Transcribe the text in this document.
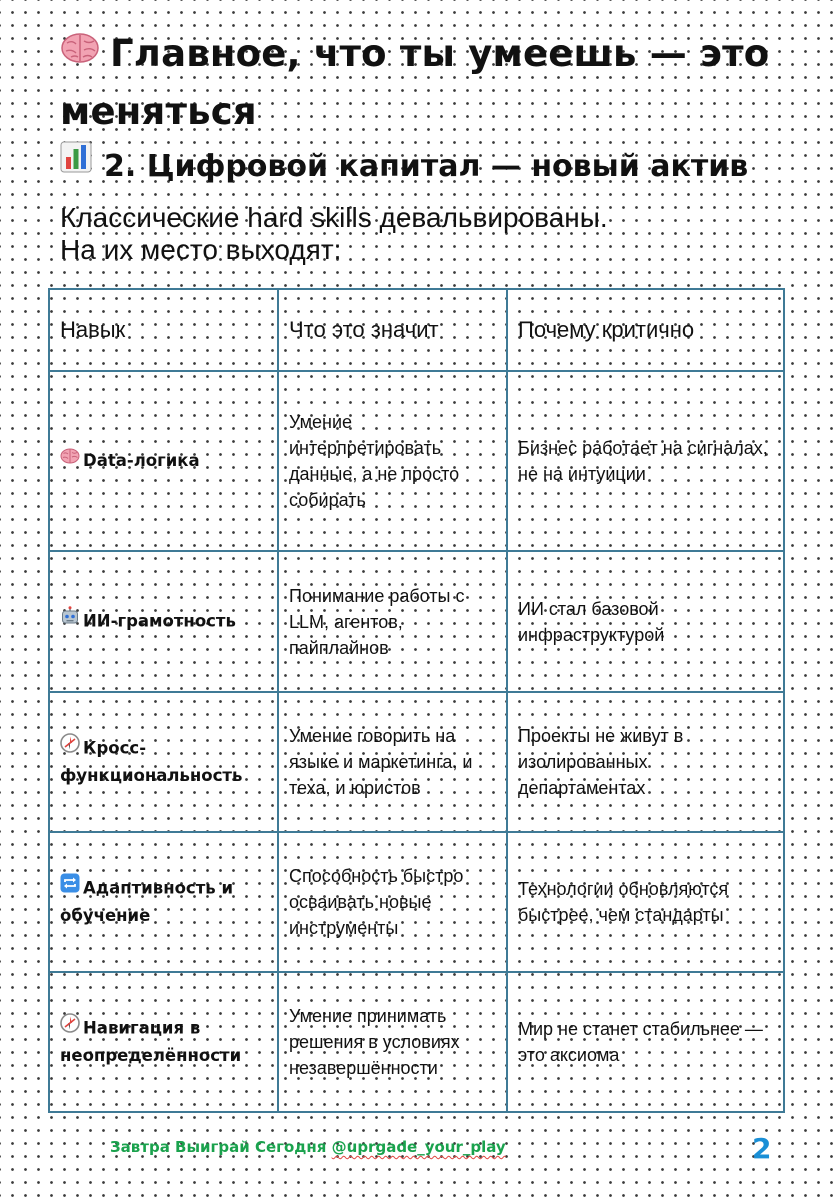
Главное, что ты умеешь — это меняться
2. Цифровой капитал — новый актив
Классические hard skills девальвированы.
На их место выходят:
Навык	Что это значит	Почему критично
Data-логика	Умение интерпретировать данные, а не просто собирать	Бизнес работает на сигналах, не на интуиции
ИИ-грамотность	Понимание работы с LLM, агентов, пайплайнов	ИИ стал базовой инфраструктурой
Кросс-функциональность	Умение говорить на языке и маркетинга, и теха, и юристов	Проекты не живут в изолированных департаментах
Адаптивность и обучение	Способность быстро осваивать новые инструменты	Технологии обновляются быстрее, чем стандарты
Навигация в неопределённости	Умение принимать решения в условиях незавершённости	Мир не станет стабильнее — это аксиома
Завтра Выиграй Сегодня @uprgade_your_play	2
